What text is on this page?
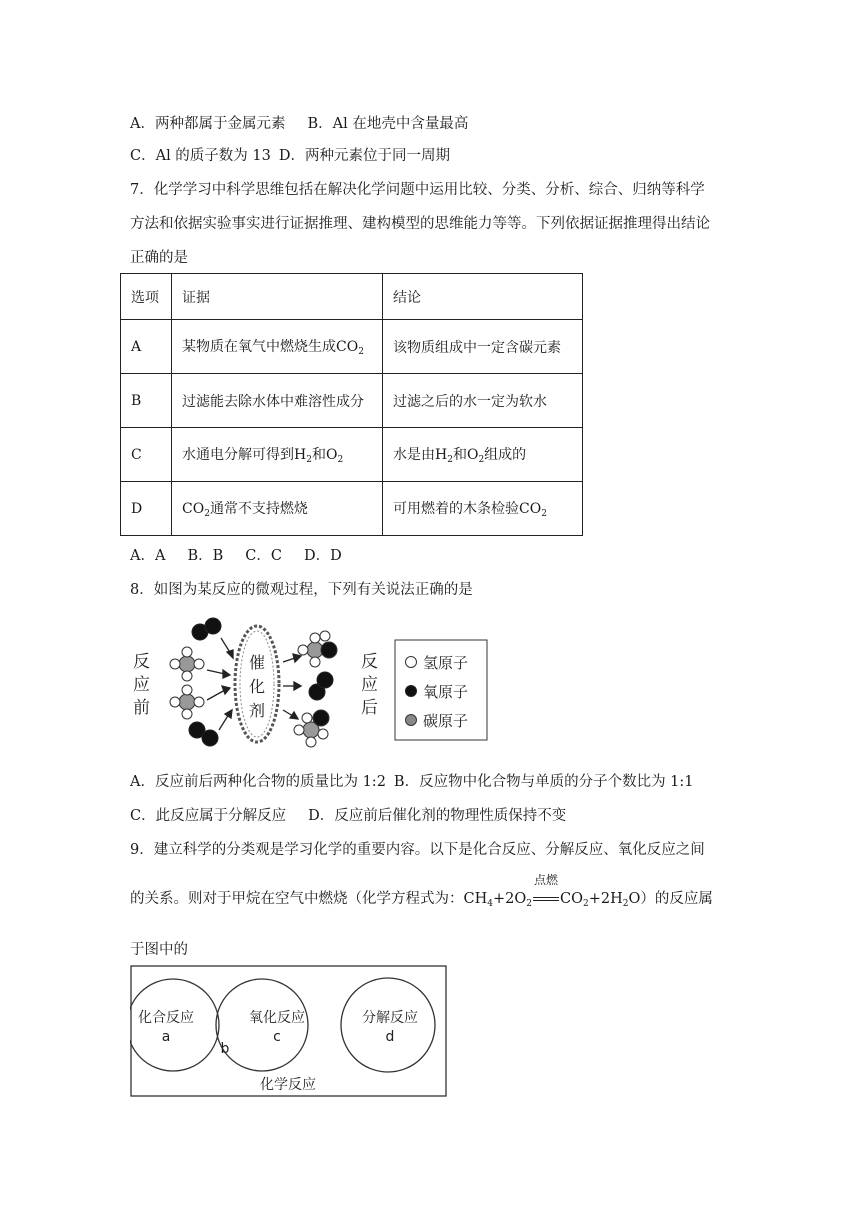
A．两种都属于金属元素 B．Al 在地壳中含量最高
C．Al 的质子数为 13 D．两种元素位于同一周期
7．化学学习中科学思维包括在解决化学问题中运用比较、分类、分析、综合、归纳等科学
方法和依据实验事实进行证据推理、建构模型的思维能力等等。下列依据证据推理得出结论
正确的是
选项	证据	结论
A	某物质在氧气中燃烧生成$CO_2$	该物质组成中一定含碳元素
B	过滤能去除水体中难溶性成分	过滤之后的水一定为软水
C	水通电分解可得到$H_2$和$O_2$	水是由$H_2$和$O_2$组成的
D	$CO_2$通常不支持燃烧	可用燃着的木条检验$CO_2$
A．A B．B C．C D．D
8．如图为某反应的微观过程，下列有关说法正确的是
反
应
前
反
应
后
催
化
剂
氢原子
氧原子
碳原子
A．反应前后两种化合物的质量比为 1:2 B．反应物中化合物与单质的分子个数比为 1:1
C．此反应属于分解反应 D．反应前后催化剂的物理性质保持不变
9．建立科学的分类观是学习化学的重要内容。以下是化合反应、分解反应、氧化反应之间
的关系。则对于甲烷在空气中燃烧（化学方程式为：$CH_4+2O_2$
点燃
$CO_2+2H_2O$）的反应属
于图中的
化合反应
a
b
氧化反应
c
分解反应
d
化学反应
